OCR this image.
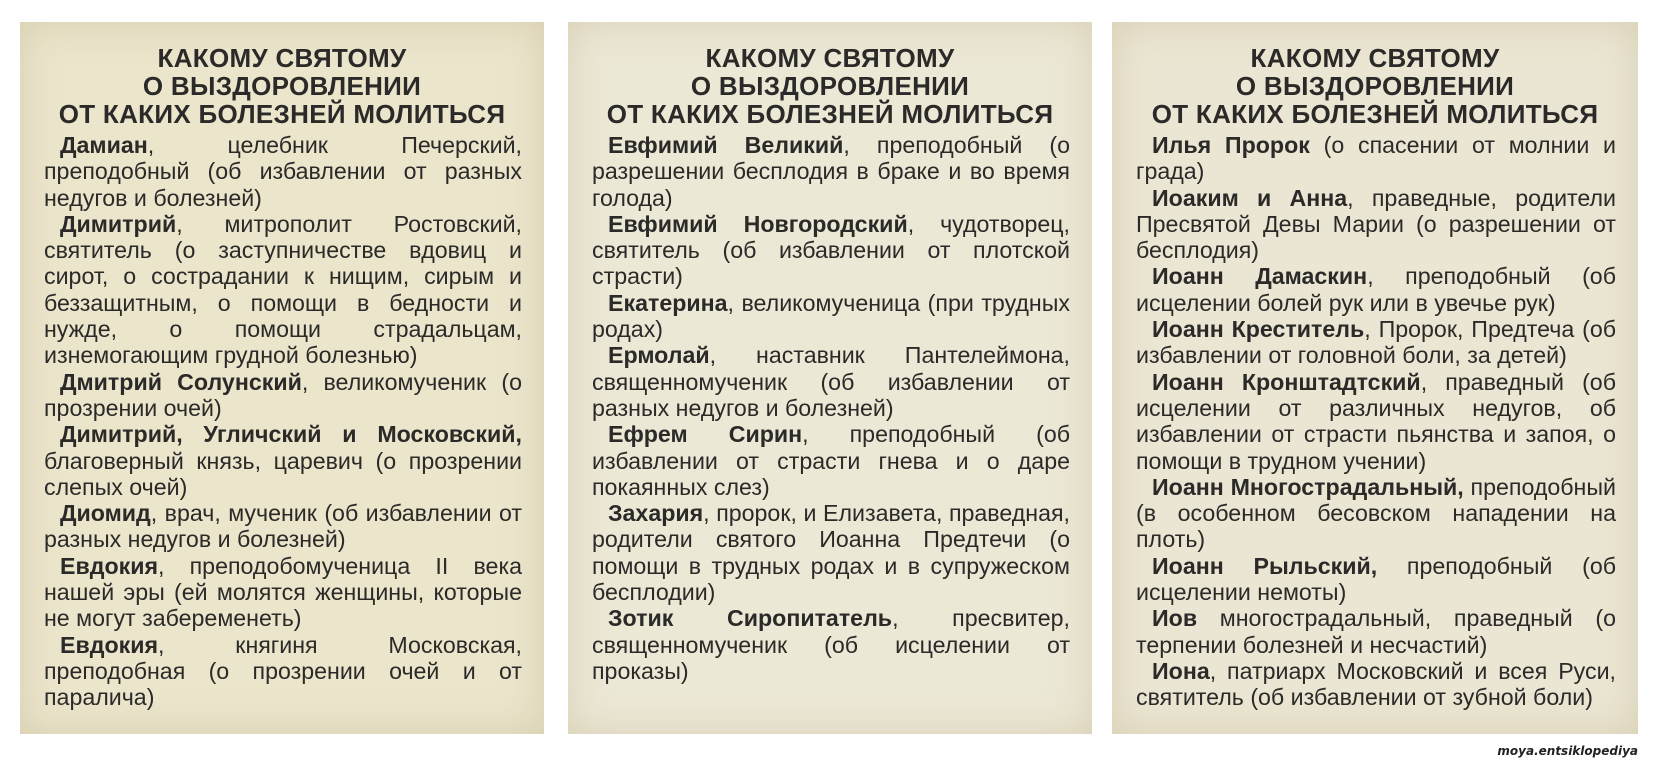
КАКОМУ СВЯТОМУ
О ВЫЗДОРОВЛЕНИИ
ОТ КАКИХ БОЛЕЗНЕЙ МОЛИТЬСЯ
Дамиан, целебник Печерский, преподобный (об избавлении от разных недугов и болезней)
Димитрий, митрополит Ростовский, святитель (о заступничестве вдовиц и сирот, о сострадании к нищим, сирым и беззащитным, о помощи в бедности и нужде, о помощи страдальцам, изнемогающим грудной болезнью)
Дмитрий Солунский, великомученик (о прозрении очей)
Димитрий, Угличский и Московский, благоверный князь, царевич (о прозрении слепых очей)
Диомид, врач, мученик (об избавлении от разных недугов и болезней)
Евдокия, преподобомученица II века нашей эры (ей молятся женщины, которые не могут забеременеть)
Евдокия, княгиня Московская, преподобная (о прозрении очей и от паралича)
КАКОМУ СВЯТОМУ
О ВЫЗДОРОВЛЕНИИ
ОТ КАКИХ БОЛЕЗНЕЙ МОЛИТЬСЯ
Евфимий Великий, преподобный (о разрешении бесплодия в браке и во время голода)
Евфимий Новгородский, чудотворец, святитель (об избавлении от плотской страсти)
Екатерина, великомученица (при трудных родах)
Ермолай, наставник Пантелеймона, священномученик (об избавлении от разных недугов и болезней)
Ефрем Сирин, преподобный (об избавлении от страсти гнева и о даре покаянных слез)
Захария, пророк, и Елизавета, праведная, родители святого Иоанна Предтечи (о помощи в трудных родах и в супружеском бесплодии)
Зотик Сиропитатель, пресвитер, священномученик (об исцелении от проказы)
КАКОМУ СВЯТОМУ
О ВЫЗДОРОВЛЕНИИ
ОТ КАКИХ БОЛЕЗНЕЙ МОЛИТЬСЯ
Илья Пророк (о спасении от молнии и града)
Иоаким и Анна, праведные, родители Пресвятой Девы Марии (о разрешении от бесплодия)
Иоанн Дамаскин, преподобный (об исцелении болей рук или в увечье рук)
Иоанн Креститель, Пророк, Предтеча (об избавлении от головной боли, за детей)
Иоанн Кронштадтский, праведный (об исцелении от различных недугов, об избавлении от страсти пьянства и запоя, о помощи в трудном учении)
Иоанн Многострадальный, преподобный (в особенном бесовском нападении на плоть)
Иоанн Рыльский, преподобный (об исцелении немоты)
Иов многострадальный, праведный (о терпении болезней и несчастий)
Иона, патриарх Московский и всея Руси, святитель (об избавлении от зубной боли)
moya.entsiklopediya
